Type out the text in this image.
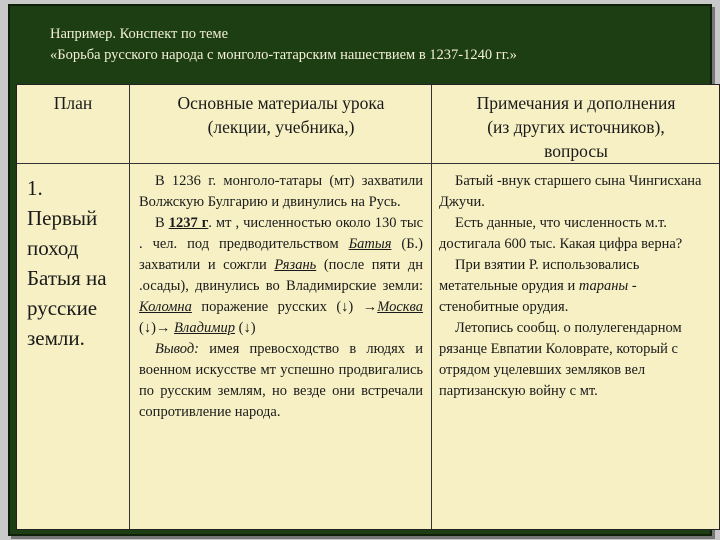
Например. Конспект по теме
«Борьба русского народа с монголо-татарским нашествием в 1237-1240 гг.»
План	Основные материалы урока
(лекции, учебника,)
Примечания и дополнения
(из других источников),
вопросы
1.
Первый
поход
Батыя на
русские
земли.

В 1236 г. монголо-татары (мт) захватили Волжскую Булгарию и двинулись на Русь.

В 1237 г. мт , численностью около 130 тыс . чел. под предводительством Батыя (Б.) захватили и сожгли Рязань (после пяти дн .осады), двинулись во Владимирские земли: Коломна поражение русских (↓) →Москва (↓)→ Владимир (↓)

Вывод: имея превосходство в людях и военном искусстве мт успешно продвигались по русским землям, но везде они встречали сопротивление народа.

Батый -внук старшего сына Чингисхана Джучи.

Есть данные, что численность м.т. достигала 600 тыс. Какая цифра верна?

При взятии Р. использовались метательные орудия и тараны - стенобитные орудия.

Летопись сообщ. о полулегендарном рязанце Евпатии Коловрате, который с отрядом уцелевших земляков вел партизанскую войну с мт.
